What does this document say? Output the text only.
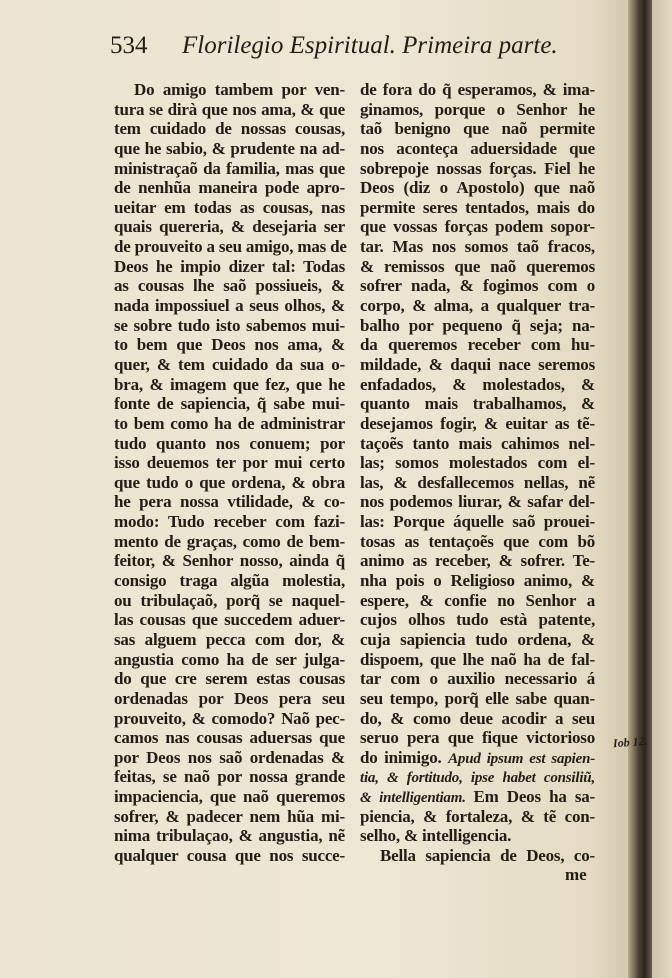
534 Florilegio Espiritual. Primeira parte.
Do amigo tambem por ven-
tura se dirà que nos ama, & que
tem cuidado de nossas cousas,
que he sabio, & prudente na ad-
ministraçaõ da familia, mas que
de nenhũa maneira pode apro-
ueitar em todas as cousas, nas
quais quereria, & desejaria ser
de prouveito a seu amigo, mas de
Deos he impio dizer tal: Todas
as cousas lhe saõ possiueis, &
nada impossiuel a seus olhos, &
se sobre tudo isto sabemos mui-
to bem que Deos nos ama, &
quer, & tem cuidado da sua o-
bra, & imagem que fez, que he
fonte de sapiencia, q̃ sabe mui-
to bem como ha de administrar
tudo quanto nos conuem; por
isso deuemos ter por mui certo
que tudo o que ordena, & obra
he pera nossa vtilidade, & co-
modo: Tudo receber com fazi-
mento de graças, como de bem-
feitor, & Senhor nosso, ainda q̃
consigo traga algũa molestia,
ou tribulaçaõ, porq̃ se naquel-
las cousas que succedem aduer-
sas alguem pecca com dor, &
angustia como ha de ser julga-
do que cre serem estas cousas
ordenadas por Deos pera seu
prouveito, & comodo? Naõ pec-
camos nas cousas aduersas que
por Deos nos saõ ordenadas &
feitas, se naõ por nossa grande
impaciencia, que naõ queremos
sofrer, & padecer nem hũa mi-
nima tribulaçao, & angustia, nẽ
qualquer cousa que nos succe-
de fora do q̃ esperamos, & ima-
ginamos, porque o Senhor he
taõ benigno que naõ permite
nos aconteça aduersidade que
sobrepoje nossas forças. Fiel he
Deos (diz o Apostolo) que naõ
permite seres tentados, mais do
que vossas forças podem sopor-
tar. Mas nos somos taõ fracos,
& remissos que naõ queremos
sofrer nada, & fogimos com o
corpo, & alma, a qualquer tra-
balho por pequeno q̃ seja; na-
da queremos receber com hu-
mildade, & daqui nace seremos
enfadados, & molestados, &
quanto mais trabalhamos, &
desejamos fogir, & euitar as tẽ-
taçoẽs tanto mais cahimos nel-
las; somos molestados com el-
las, & desfallecemos nellas, nẽ
nos podemos liurar, & safar del-
las: Porque áquelle saõ prouei-
tosas as tentaçoẽs que com bõ
animo as receber, & sofrer. Te-
nha pois o Religioso animo, &
espere, & confie no Senhor a
cujos olhos tudo està patente,
cuja sapiencia tudo ordena, &
dispoem, que lhe naõ ha de fal-
tar com o auxilio necessario á
seu tempo, porq̃ elle sabe quan-
do, & como deue acodir a seu
seruo pera que fique victorioso
do inimigo. Apud ipsum est sapien-
tia, & fortitudo, ipse habet consiliũ,
& intelligentiam. Em Deos ha sa-
piencia, & fortaleza, & tẽ con-
selho, & intelligencia.
Bella sapiencia de Deos, co-
Iob 12.
me
